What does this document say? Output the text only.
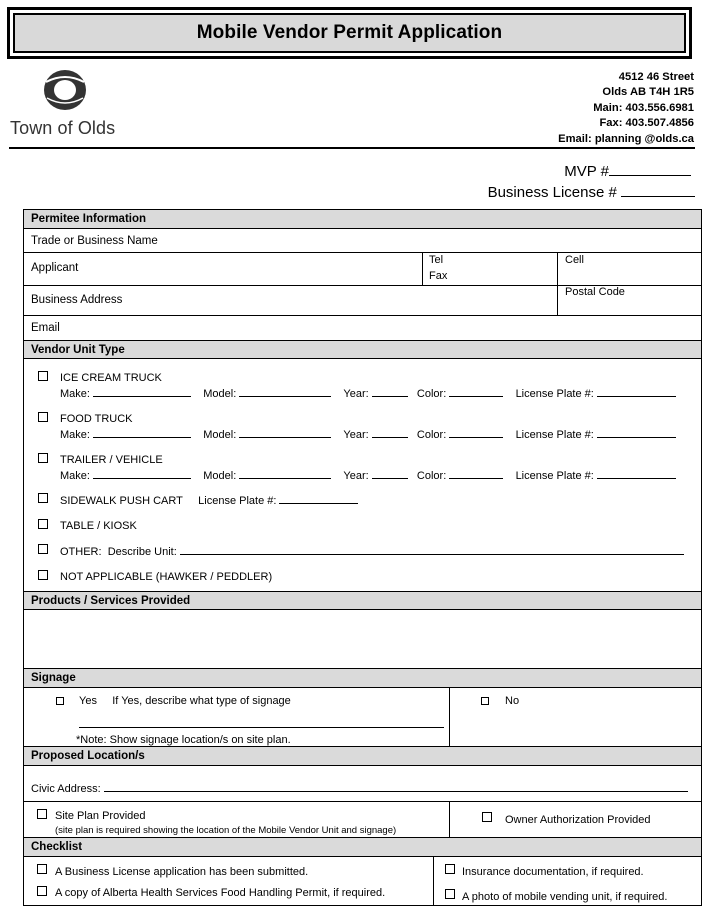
Mobile Vendor Permit Application
Town of Olds
4512 46 Street
Olds AB T4H 1R5
Main: 403.556.6981
Fax: 403.507.4856
Email: planning @olds.ca
MVP #
Business License #
Permitee Information
Trade or Business Name
Applicant
Tel
Fax
Cell
Business Address
Postal Code
Email
Vendor Unit Type
ICE CREAM TRUCK
Make:	Model:	Year:	Color:	License Plate #:
FOOD TRUCK
Make:	Model:	Year:	Color:	License Plate #:
TRAILER / VEHICLE
Make:	Model:	Year:	Color:	License Plate #:
SIDEWALK PUSH CART License Plate #:
TABLE / KIOSK
OTHER: Describe Unit:
NOT APPLICABLE (HAWKER / PEDDLER)
Products / Services Provided
Signage
Yes If Yes, describe what type of signage
*Note: Show signage location/s on site plan.
No
Proposed Location/s
Civic Address:
Site Plan Provided
(site plan is required showing the location of the Mobile Vendor Unit and signage)
Owner Authorization Provided
Checklist
A Business License application has been submitted.
A copy of Alberta Health Services Food Handling Permit, if required.
Insurance documentation, if required.
A photo of mobile vending unit, if required.
